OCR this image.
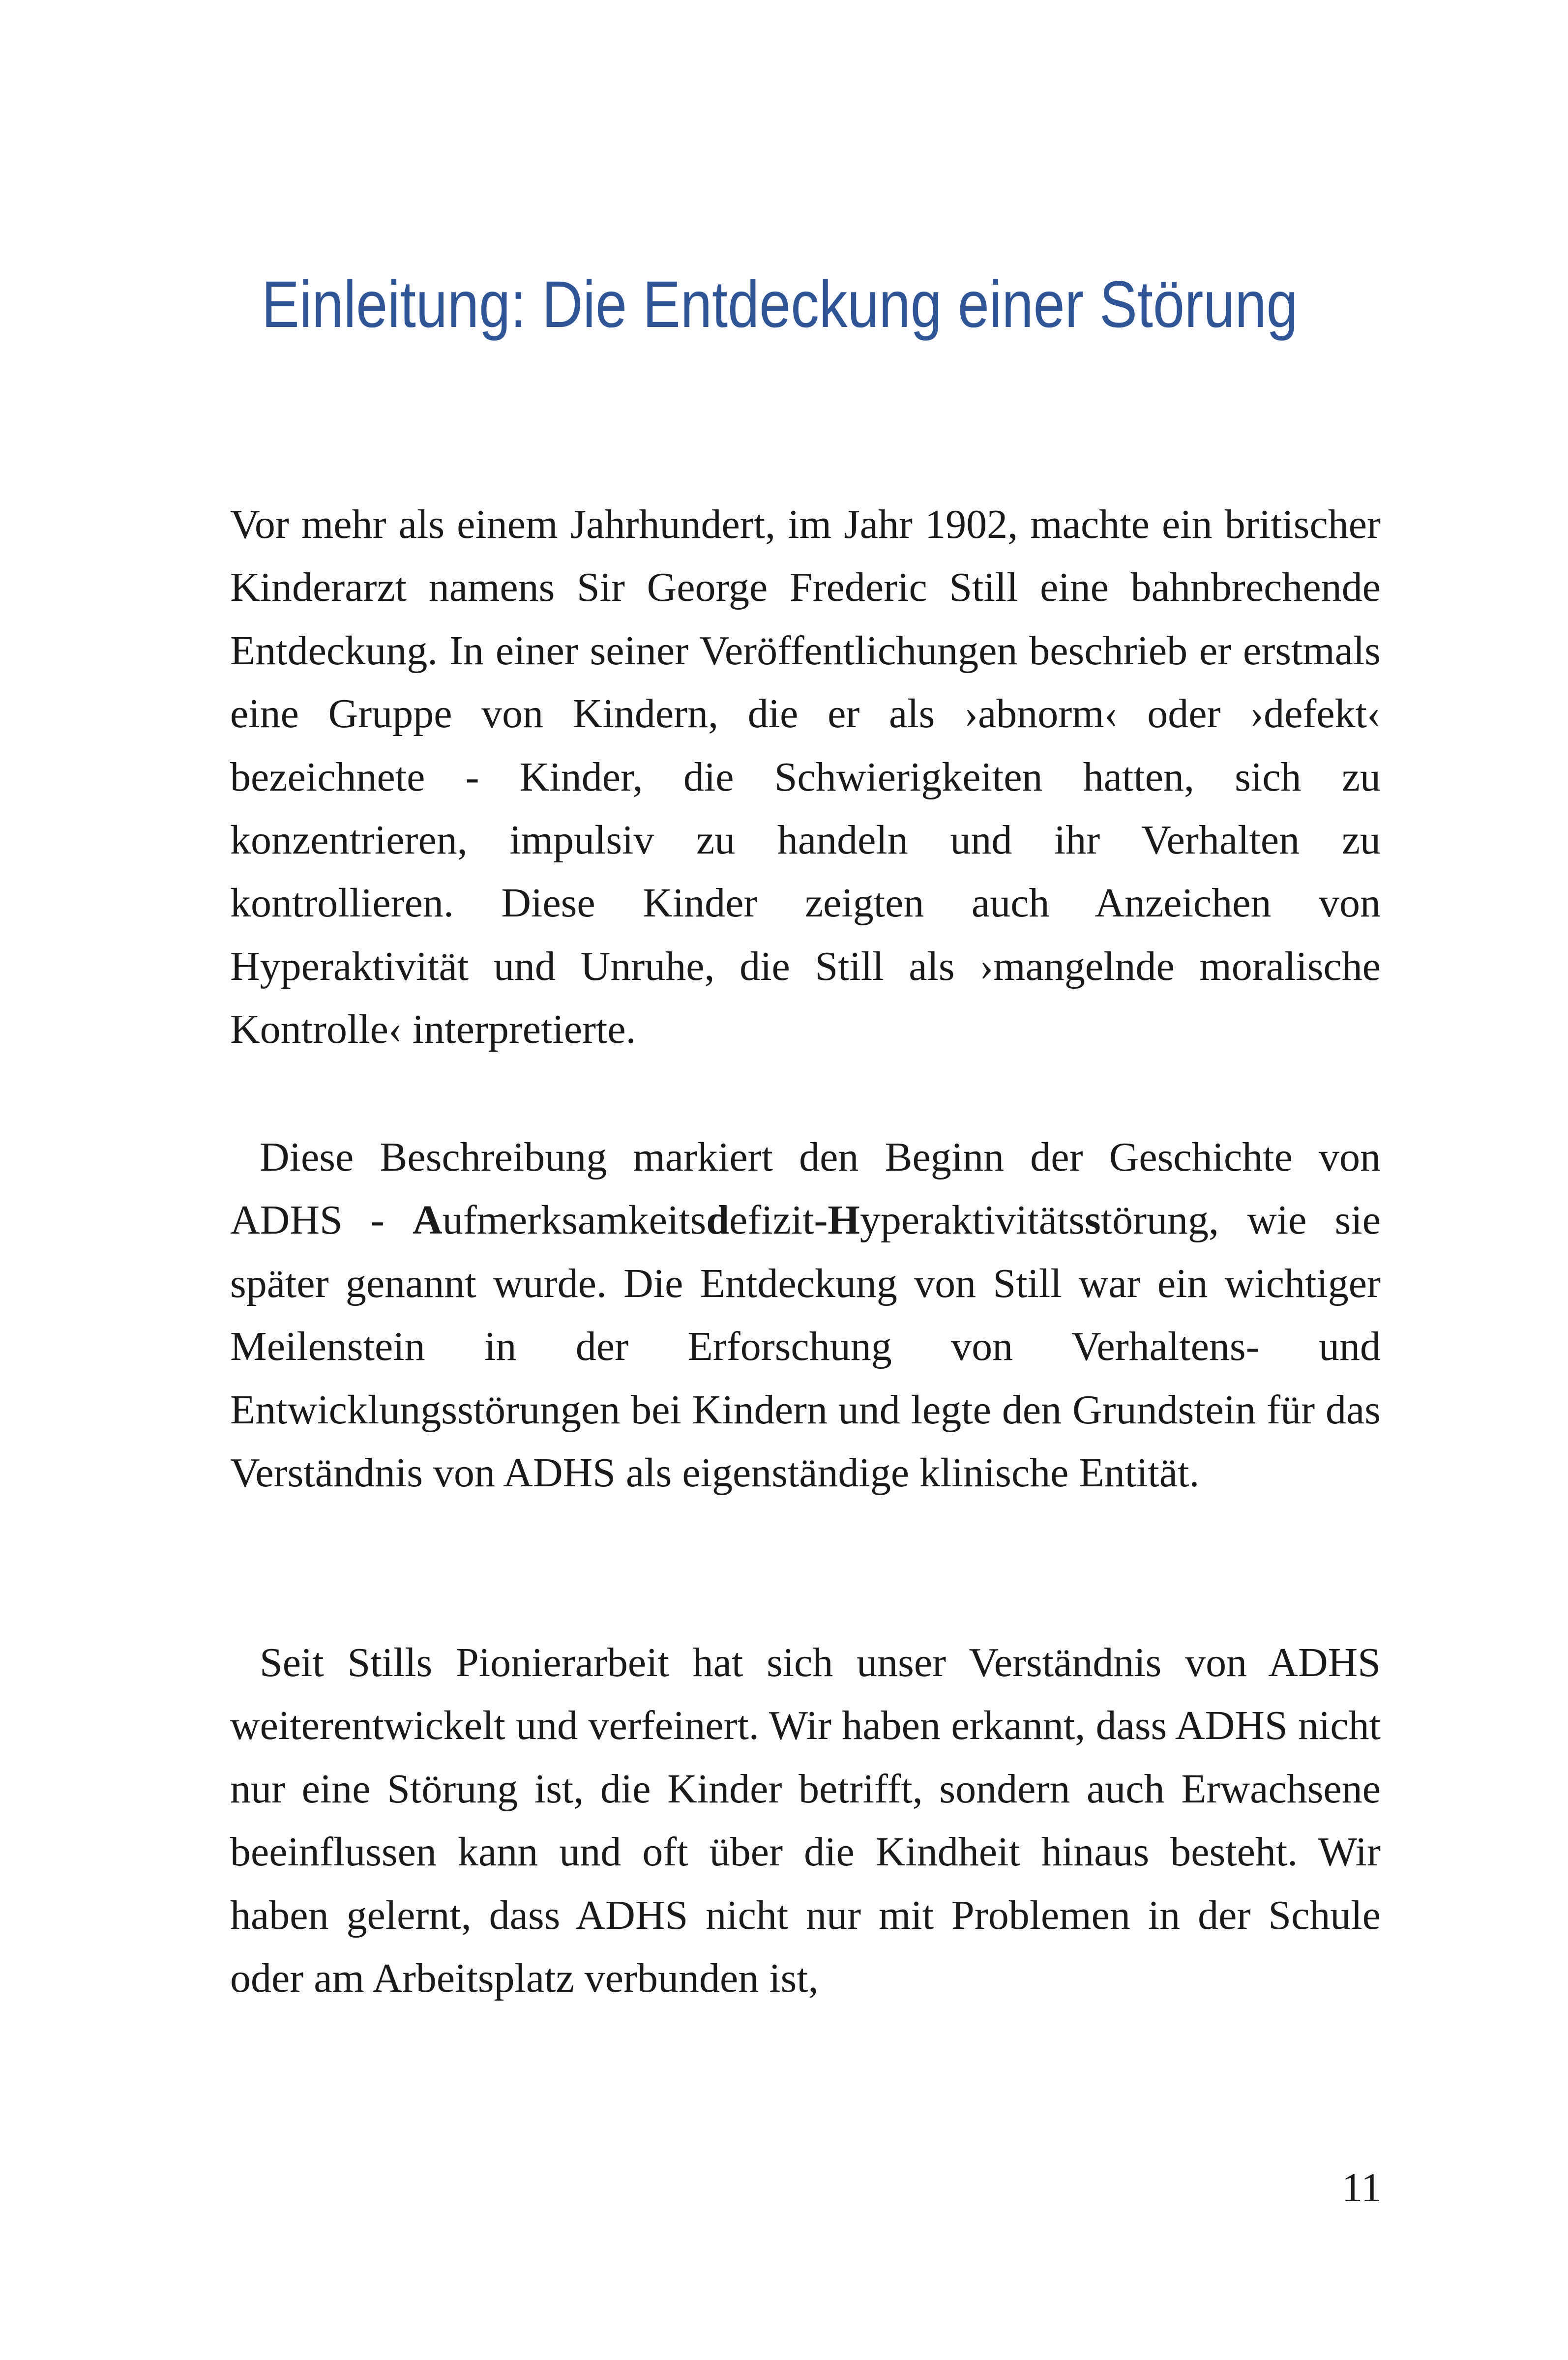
Einleitung: Die Entdeckung einer Störung

Vor mehr als einem Jahrhundert, im Jahr 1902, machte ein britischer Kinderarzt namens Sir George Frederic Still eine bahnbrechende Entdeckung. In einer seiner Veröffentlichungen beschrieb er erstmals eine Gruppe von Kindern, die er als ›abnorm‹ oder ›defekt‹ bezeichnete - Kinder, die Schwierigkeiten hatten, sich zu konzentrieren, impulsiv zu handeln und ihr Verhalten zu kontrollieren. Diese Kinder zeigten auch Anzeichen von Hyperaktivität und Unruhe, die Still als ›mangelnde moralische Kontrolle‹ interpretierte.

Diese Beschreibung markiert den Beginn der Geschichte von ADHS - Aufmerksamkeitsdefizit-Hyperaktivitätsstörung, wie sie später genannt wurde. Die Entdeckung von Still war ein wichtiger Meilenstein in der Erforschung von Verhaltens- und Entwicklungsstörungen bei Kindern und legte den Grundstein für das Verständnis von ADHS als eigenständige klinische Entität.

Seit Stills Pionierarbeit hat sich unser Verständnis von ADHS weiterentwickelt und verfeinert. Wir haben erkannt, dass ADHS nicht nur eine Störung ist, die Kinder betrifft, sondern auch Erwachsene beeinflussen kann und oft über die Kindheit hinaus besteht. Wir haben gelernt, dass ADHS nicht nur mit Problemen in der Schule oder am Arbeitsplatz verbunden ist,

11
